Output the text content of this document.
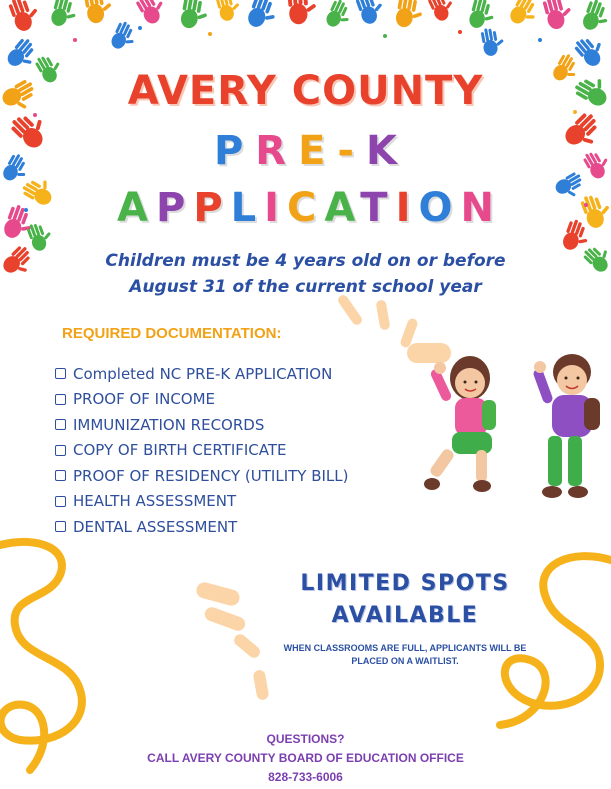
AVERY COUNTY
PRE-K
APPLICATION
Children must be 4 years old on or before
August 31 of the current school year
REQUIRED DOCUMENTATION:
Completed NC PRE-K APPLICATION
PROOF OF INCOME
IMMUNIZATION RECORDS
COPY OF BIRTH CERTIFICATE
PROOF OF RESIDENCY (UTILITY BILL)
HEALTH ASSESSMENT
DENTAL ASSESSMENT
LIMITED SPOTS
AVAILABLE
WHEN CLASSROOMS ARE FULL, APPLICANTS WILL BE
PLACED ON A WAITLIST.
QUESTIONS?
CALL AVERY COUNTY BOARD OF EDUCATION OFFICE
828-733-6006
